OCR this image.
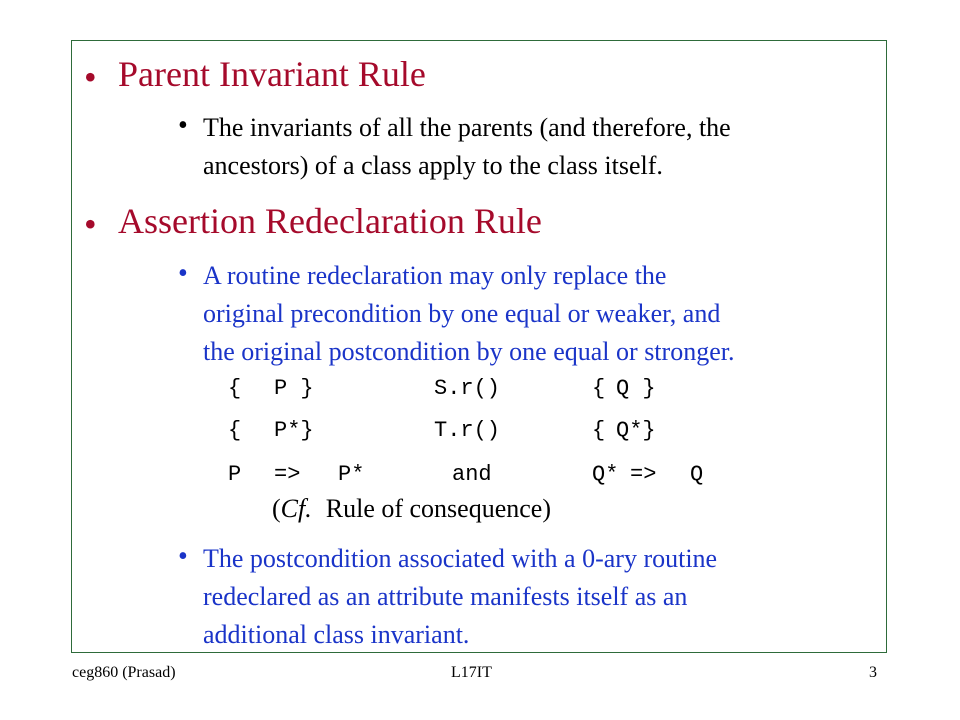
• Parent Invariant Rule
• The invariants of all the parents (and therefore, the
ancestors) of a class apply to the class itself.
• Assertion Redeclaration Rule
• A routine redeclaration may only replace the
original precondition by one equal or weaker, and
the original postcondition by one equal or stronger.
{ P }	S.r()	{ Q }
{ P*}	T.r()	{ Q*}
P => P*	and	Q* => Q
(Cf. Rule of consequence)
• The postcondition associated with a 0-ary routine
redeclared as an attribute manifests itself as an
additional class invariant.
ceg860 (Prasad)	L17IT	3
